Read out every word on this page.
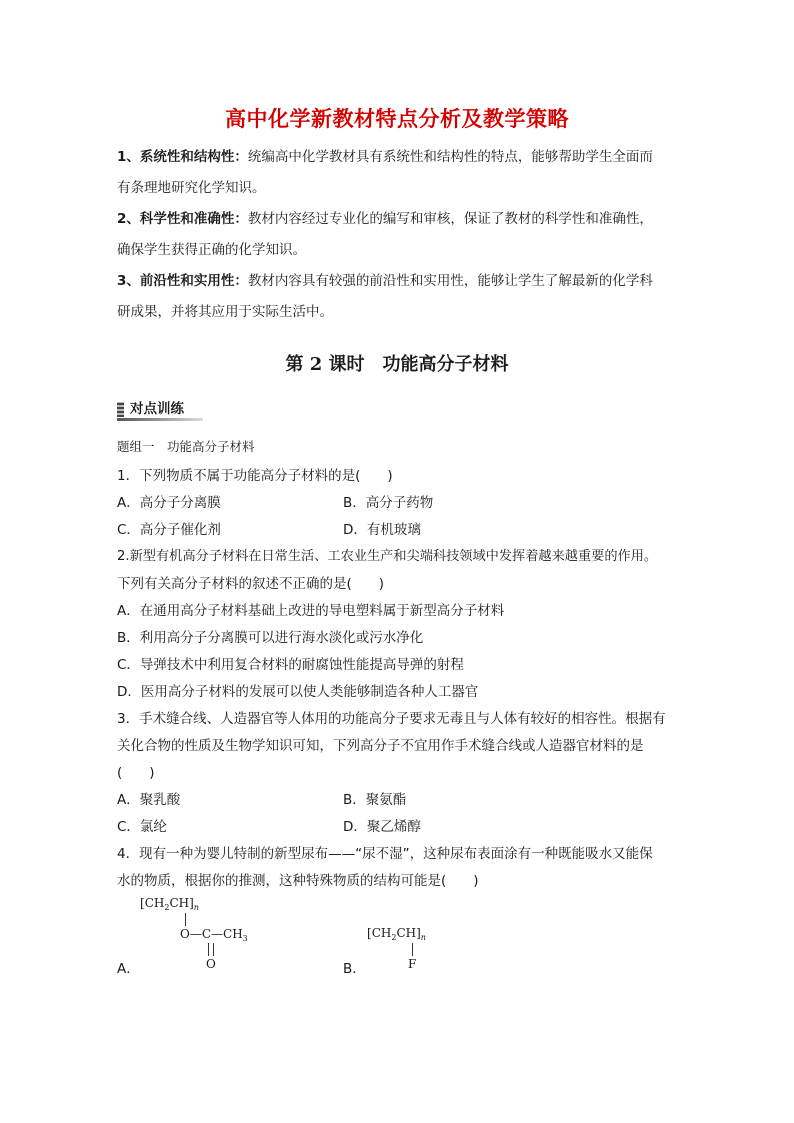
高中化学新教材特点分析及教学策略
1、系统性和结构性：统编高中化学教材具有系统性和结构性的特点，能够帮助学生全面而
有条理地研究化学知识。
2、科学性和准确性：教材内容经过专业化的编写和审核，保证了教材的科学性和准确性，
确保学生获得正确的化学知识。
3、前沿性和实用性：教材内容具有较强的前沿性和实用性，能够让学生了解最新的化学科
研成果，并将其应用于实际生活中。
第 2 课时 功能高分子材料
对点训练
题组一　功能高分子材料
1．下列物质不属于功能高分子材料的是(　　)
A．高分子分离膜	B．高分子药物
C．高分子催化剂	D．有机玻璃
2.新型有机高分子材料在日常生活、工农业生产和尖端科技领域中发挥着越来越重要的作用。
下列有关高分子材料的叙述不正确的是(　　)
A．在通用高分子材料基础上改进的导电塑料属于新型高分子材料
B．利用高分子分离膜可以进行海水淡化或污水净化
C．导弹技术中利用复合材料的耐腐蚀性能提高导弹的射程
D．医用高分子材料的发展可以使人类能够制造各种人工器官
3．手术缝合线、人造器官等人体用的功能高分子要求无毒且与人体有较好的相容性。根据有
关化合物的性质及生物学知识可知，下列高分子不宜用作手术缝合线或人造器官材料的是
(　　)
A．聚乳酸	B．聚氨酯
C．氯纶	D．聚乙烯醇
4．现有一种为婴儿特制的新型尿布——“尿不湿”，这种尿布表面涂有一种既能吸水又能保
水的物质，根据你的推测，这种特殊物质的结构可能是(　　)
A．
$[CH_2CH]_n$
$O—C—CH_3$
O	B．
$[CH_2CH]_n$
F
